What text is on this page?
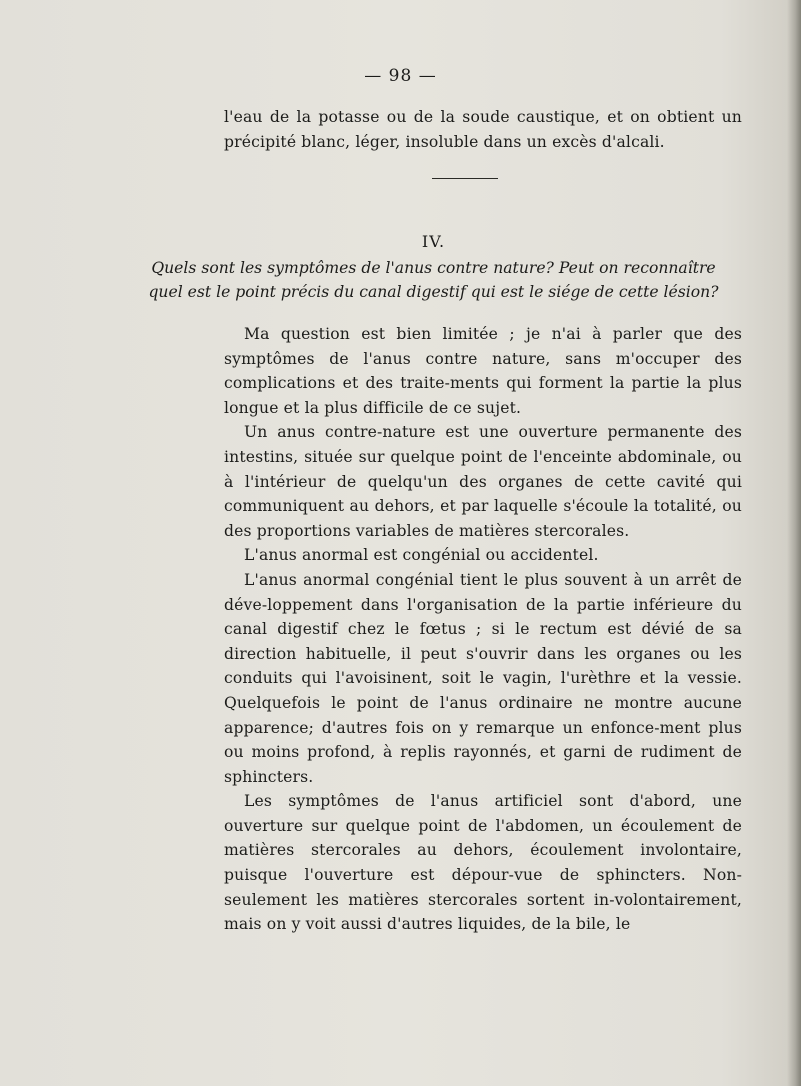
— 98 —
l'eau de la potasse ou de la soude caustique, et on obtient un précipité blanc, léger, insoluble dans un excès d'alcali.
IV.
Quels sont les symptômes de l'anus contre nature? Peut on reconnaître
quel est le point précis du canal digestif qui est le siége de cette lésion?

Ma question est bien limitée ; je n'ai à parler que des symptômes de l'anus contre nature, sans m'occuper des complications et des traite-ments qui forment la partie la plus longue et la plus difficile de ce sujet.

Un anus contre-nature est une ouverture permanente des intestins, située sur quelque point de l'enceinte abdominale, ou à l'intérieur de quelqu'un des organes de cette cavité qui communiquent au dehors, et par laquelle s'écoule la totalité, ou des proportions variables de matières stercorales.

L'anus anormal est congénial ou accidentel.

L'anus anormal congénial tient le plus souvent à un arrêt de déve-loppement dans l'organisation de la partie inférieure du canal digestif chez le fœtus ; si le rectum est dévié de sa direction habituelle, il peut s'ouvrir dans les organes ou les conduits qui l'avoisinent, soit le vagin, l'urèthre et la vessie. Quelquefois le point de l'anus ordinaire ne montre aucune apparence; d'autres fois on y remarque un enfonce-ment plus ou moins profond, à replis rayonnés, et garni de rudiment de sphincters.

Les symptômes de l'anus artificiel sont d'abord, une ouverture sur quelque point de l'abdomen, un écoulement de matières stercorales au dehors, écoulement involontaire, puisque l'ouverture est dépour-vue de sphincters. Non-seulement les matières stercorales sortent in-volontairement, mais on y voit aussi d'autres liquides, de la bile, le
